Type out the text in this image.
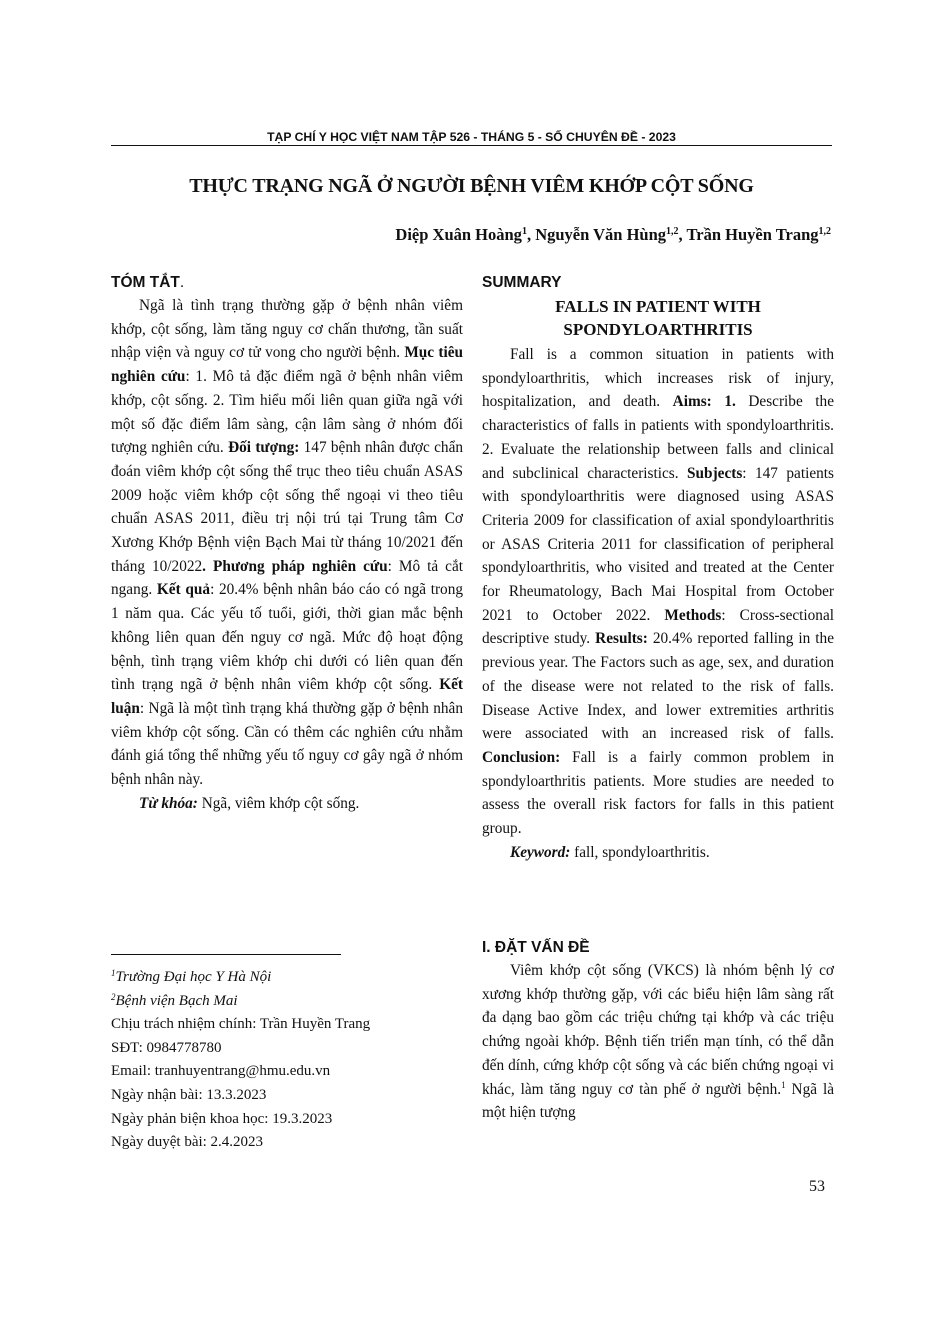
TẠP CHÍ Y HỌC VIỆT NAM TẬP 526 - THÁNG 5 - SỐ CHUYÊN ĐỀ - 2023
THỰC TRẠNG NGÃ Ở NGƯỜI BỆNH VIÊM KHỚP CỘT SỐNG
Diệp Xuân Hoàng$^1$, Nguyễn Văn Hùng$^{1,2}$, Trần Huyền Trang$^{1,2}$
TÓM TẮT.

Ngã là tình trạng thường gặp ở bệnh nhân viêm khớp, cột sống, làm tăng nguy cơ chấn thương, tần suất nhập viện và nguy cơ tử vong cho người bệnh. Mục tiêu nghiên cứu: 1. Mô tả đặc điểm ngã ở bệnh nhân viêm khớp, cột sống. 2. Tìm hiểu mối liên quan giữa ngã với một số đặc điểm lâm sàng, cận lâm sàng ở nhóm đối tượng nghiên cứu. Đối tượng: 147 bệnh nhân được chẩn đoán viêm khớp cột sống thể trục theo tiêu chuẩn ASAS 2009 hoặc viêm khớp cột sống thể ngoại vi theo tiêu chuẩn ASAS 2011, điều trị nội trú tại Trung tâm Cơ Xương Khớp Bệnh viện Bạch Mai từ tháng 10/2021 đến tháng 10/2022. Phương pháp nghiên cứu: Mô tả cắt ngang. Kết quả: 20.4% bệnh nhân báo cáo có ngã trong 1 năm qua. Các yếu tố tuổi, giới, thời gian mắc bệnh không liên quan đến nguy cơ ngã. Mức độ hoạt động bệnh, tình trạng viêm khớp chi dưới có liên quan đến tình trạng ngã ở bệnh nhân viêm khớp cột sống. Kết luận: Ngã là một tình trạng khá thường gặp ở bệnh nhân viêm khớp cột sống. Cần có thêm các nghiên cứu nhằm đánh giá tổng thể những yếu tố nguy cơ gây ngã ở nhóm bệnh nhân này.

Từ khóa: Ngã, viêm khớp cột sống.

SUMMARY
FALLS IN PATIENT WITH
SPONDYLOARTHRITIS

Fall is a common situation in patients with spondyloarthritis, which increases risk of injury, hospitalization, and death. Aims: 1. Describe the characteristics of falls in patients with spondyloarthritis. 2. Evaluate the relationship between falls and clinical and subclinical characteristics. Subjects: 147 patients with spondyloarthritis were diagnosed using ASAS Criteria 2009 for classification of axial spondyloarthritis or ASAS Criteria 2011 for classification of peripheral spondyloarthritis, who visited and treated at the Center for Rheumatology, Bach Mai Hospital from October 2021 to October 2022. Methods: Cross-sectional descriptive study. Results: 20.4% reported falling in the previous year. The Factors such as age, sex, and duration of the disease were not related to the risk of falls. Disease Active Index, and lower extremities arthritis were associated with an increased risk of falls. Conclusion: Fall is a fairly common problem in spondyloarthritis patients. More studies are needed to assess the overall risk factors for falls in this patient group.

Keyword: fall, spondyloarthritis.

$^1$Trường Đại học Y Hà Nội
$^2$Bệnh viện Bạch Mai
Chịu trách nhiệm chính: Trần Huyền Trang
SĐT: 0984778780
Email: tranhuyentrang@hmu.edu.vn
Ngày nhận bài: 13.3.2023
Ngày phản biện khoa học: 19.3.2023
Ngày duyệt bài: 2.4.2023
I. ĐẶT VẤN ĐỀ

Viêm khớp cột sống (VKCS) là nhóm bệnh lý cơ xương khớp thường gặp, với các biểu hiện lâm sàng rất đa dạng bao gồm các triệu chứng tại khớp và các triệu chứng ngoài khớp. Bệnh tiến triển mạn tính, có thể dẫn đến dính, cứng khớp cột sống và các biến chứng ngoại vi khác, làm tăng nguy cơ tàn phế ở người bệnh.$^1$ Ngã là một hiện tượng

53
